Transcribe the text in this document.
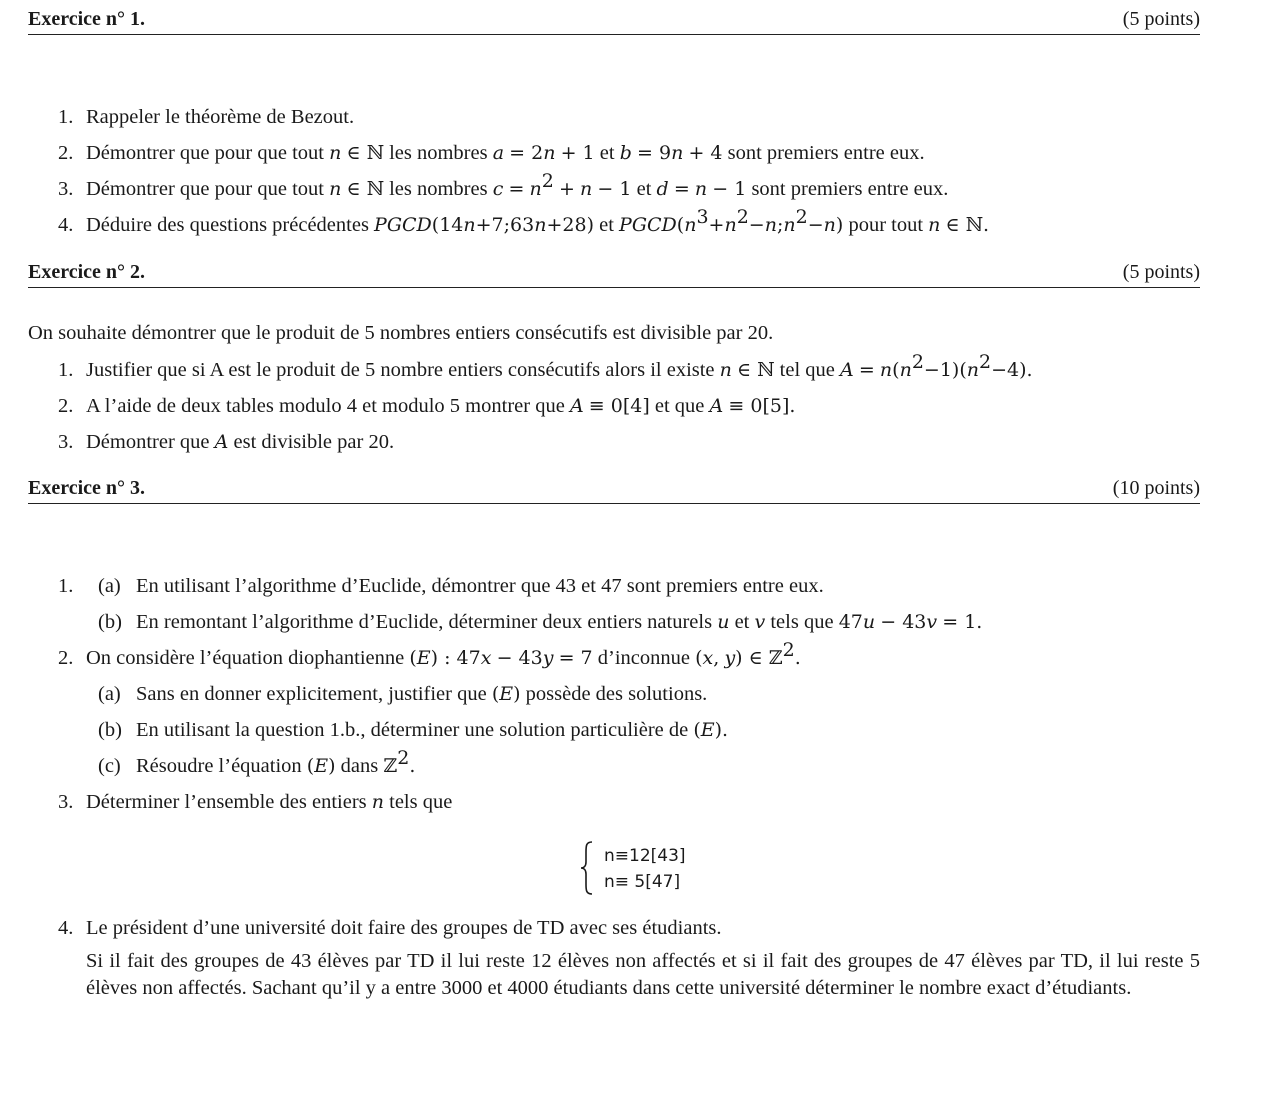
Exercice n° 1.	(5 points)
1. Rappeler le théorème de Bezout.
2. Démontrer que pour que tout n ∈ ℕ les nombres a = 2n + 1 et b = 9n + 4 sont premiers entre eux.
3. Démontrer que pour que tout n ∈ ℕ les nombres $c = n^2 + n - 1$ et d = n − 1 sont premiers entre eux.
4. Déduire des questions précédentes PGCD(14n+7;63n+28) et $PGCD(n^3+n^2-n;n^2-n)$ pour tout n ∈ ℕ.
Exercice n° 2.	(5 points)
On souhaite démontrer que le produit de 5 nombres entiers consécutifs est divisible par 20.
1. Justifier que si A est le produit de 5 nombre entiers consécutifs alors il existe n ∈ ℕ tel que $A = n(n^2-1)(n^2-4)$.
2. A l’aide de deux tables modulo 4 et modulo 5 montrer que A ≡ 0[4] et que A ≡ 0[5].
3. Démontrer que A est divisible par 20.
Exercice n° 3.	(10 points)
1. (a) En utilisant l’algorithme d’Euclide, démontrer que 43 et 47 sont premiers entre eux.
(b) En remontant l’algorithme d’Euclide, déterminer deux entiers naturels u et v tels que 47u − 43v = 1.
2. On considère l’équation diophantienne (E) : 47x − 43y = 7 d’inconnue (x, y) ∈ ℤ$^2$.
(a) Sans en donner explicitement, justifier que (E) possède des solutions.
(b) En utilisant la question 1.b., déterminer une solution particulière de (E).
(c) Résoudre l’équation (E) dans ℤ$^2$.
3. Déterminer l’ensemble des entiers n tels que
n≡12[43]
n≡ 5[47]
4. Le président d’une université doit faire des groupes de TD avec ses étudiants.
Si il fait des groupes de 43 élèves par TD il lui reste 12 élèves non affectés et si il fait des groupes de 47 élèves par TD, il lui reste 5 élèves non affectés. Sachant qu’il y a entre 3000 et 4000 étudiants dans cette université déterminer le nombre exact d’étudiants.
